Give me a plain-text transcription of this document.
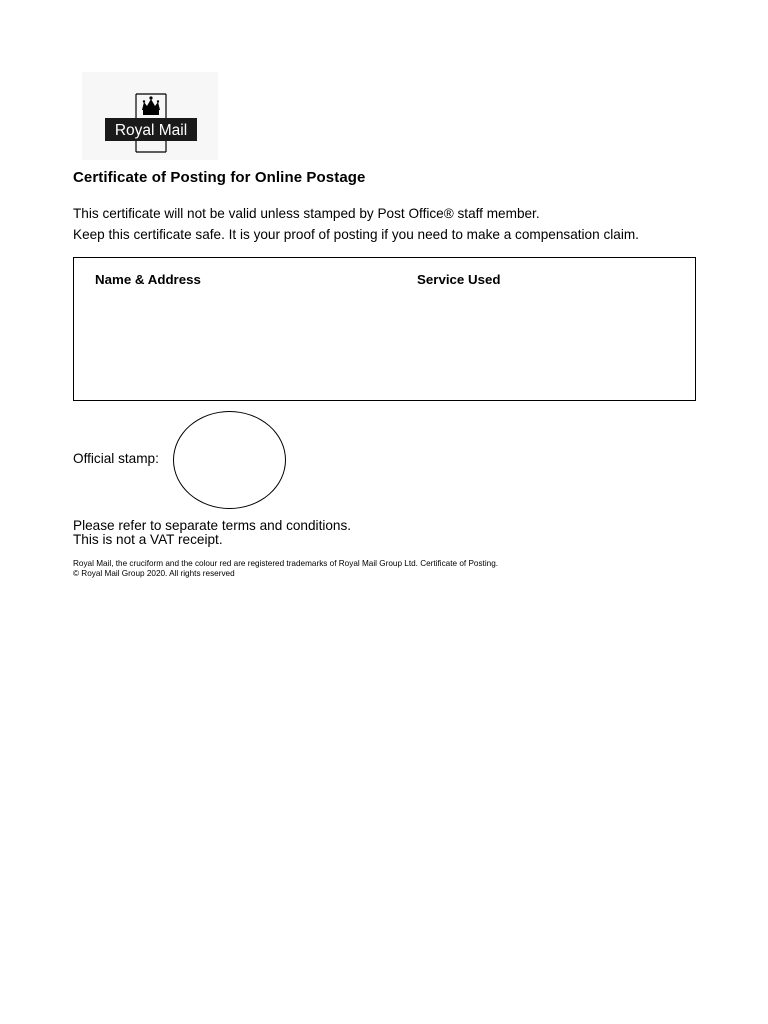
Royal Mail
Certificate of Posting for Online Postage
This certificate will not be valid unless stamped by Post Office® staff member.
Keep this certificate safe. It is your proof of posting if you need to make a compensation claim.
Name & Address	Service Used
Official stamp:
Please refer to separate terms and conditions.
This is not a VAT receipt.
Royal Mail, the cruciform and the colour red are registered trademarks of Royal Mail Group Ltd. Certificate of Posting.
© Royal Mail Group 2020. All rights reserved
